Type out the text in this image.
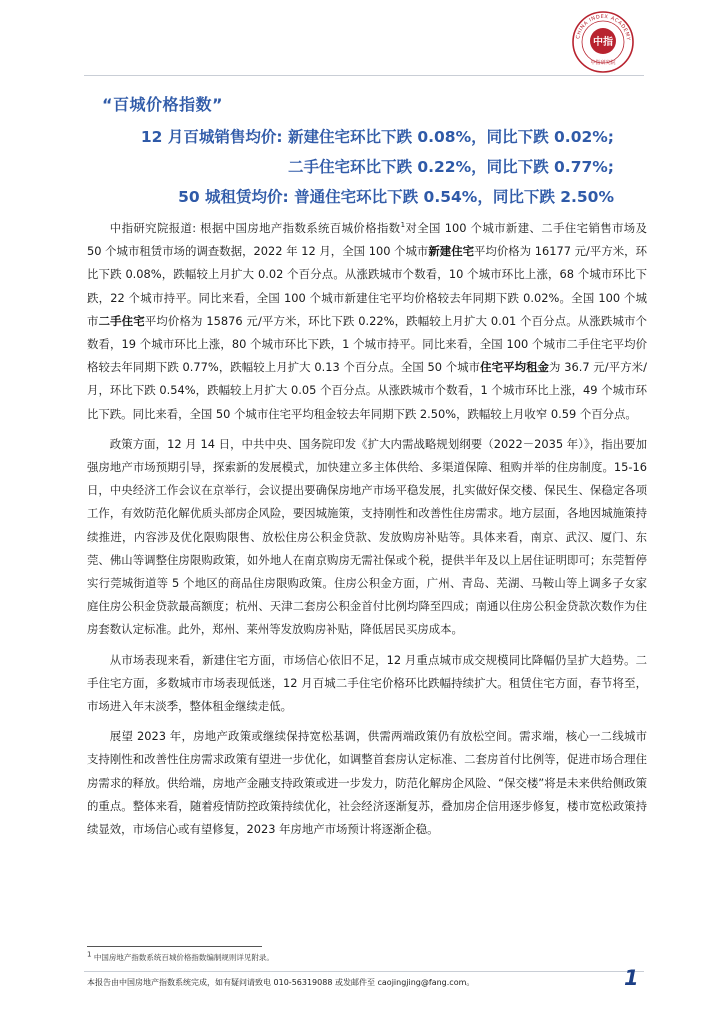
中指
CHINA INDEX ACADEMY
中指研究院
“百城价格指数”
12 月百城销售均价: 新建住宅环比下跌 0.08%，同比下跌 0.02%;
二手住宅环比下跌 0.22%，同比下跌 0.77%;
50 城租赁均价: 普通住宅环比下跌 0.54%，同比下跌 2.50%

中指研究院报道: 根据中国房地产指数系统百城价格指数$^1$对全国 100 个城市新建、二手住宅销售市场及 50 个城市租赁市场的调查数据，2022 年 12 月，全国 100 个城市新建住宅平均价格为 16177 元/平方米，环比下跌 0.08%，跌幅较上月扩大 0.02 个百分点。从涨跌城市个数看，10 个城市环比上涨，68 个城市环比下跌，22 个城市持平。同比来看，全国 100 个城市新建住宅平均价格较去年同期下跌 0.02%。全国 100 个城市二手住宅平均价格为 15876 元/平方米，环比下跌 0.22%，跌幅较上月扩大 0.01 个百分点。从涨跌城市个数看，19 个城市环比上涨，80 个城市环比下跌，1 个城市持平。同比来看，全国 100 个城市二手住宅平均价格较去年同期下跌 0.77%，跌幅较上月扩大 0.13 个百分点。全国 50 个城市住宅平均租金为 36.7 元/平方米/月，环比下跌 0.54%，跌幅较上月扩大 0.05 个百分点。从涨跌城市个数看，1 个城市环比上涨，49 个城市环比下跌。同比来看，全国 50 个城市住宅平均租金较去年同期下跌 2.50%，跌幅较上月收窄 0.59 个百分点。

政策方面，12 月 14 日，中共中央、国务院印发《扩大内需战略规划纲要（2022－2035 年）》，指出要加强房地产市场预期引导，探索新的发展模式，加快建立多主体供给、多渠道保障、租购并举的住房制度。15-16 日，中央经济工作会议在京举行，会议提出要确保房地产市场平稳发展，扎实做好保交楼、保民生、保稳定各项工作，有效防范化解优质头部房企风险，要因城施策，支持刚性和改善性住房需求。地方层面，各地因城施策持续推进，内容涉及优化限购限售、放松住房公积金贷款、发放购房补贴等。具体来看，南京、武汉、厦门、东莞、佛山等调整住房限购政策，如外地人在南京购房无需社保或个税，提供半年及以上居住证明即可；东莞暂停实行莞城街道等 5 个地区的商品住房限购政策。住房公积金方面，广州、青岛、芜湖、马鞍山等上调多子女家庭住房公积金贷款最高额度；杭州、天津二套房公积金首付比例均降至四成；南通以住房公积金贷款次数作为住房套数认定标准。此外，郑州、莱州等发放购房补贴，降低居民买房成本。

从市场表现来看，新建住宅方面，市场信心依旧不足，12 月重点城市成交规模同比降幅仍呈扩大趋势。二手住宅方面，多数城市市场表现低迷，12 月百城二手住宅价格环比跌幅持续扩大。租赁住宅方面，春节将至，市场进入年末淡季，整体租金继续走低。

展望 2023 年，房地产政策或继续保持宽松基调，供需两端政策仍有放松空间。需求端，核心一二线城市支持刚性和改善性住房需求政策有望进一步优化，如调整首套房认定标准、二套房首付比例等，促进市场合理住房需求的释放。供给端，房地产金融支持政策或进一步发力，防范化解房企风险、“保交楼”将是未来供给侧政策的重点。整体来看，随着疫情防控政策持续优化，社会经济逐渐复苏，叠加房企信用逐步修复，楼市宽松政策持续显效，市场信心或有望修复，2023 年房地产市场预计将逐渐企稳。

$^1$ 中国房地产指数系统百城价格指数编制规则详见附录。
本报告由中国房地产指数系统完成，如有疑问请致电 010-56319088 或发邮件至 caojingjing@fang.com。	1
